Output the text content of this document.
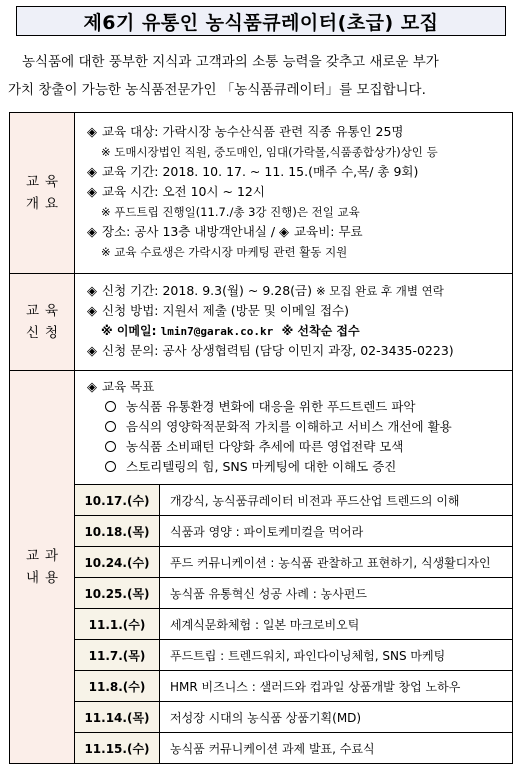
제6기 유통인 농식품큐레이터(초급) 모집
농식품에 대한 풍부한 지식과 고객과의 소통 능력을 갖추고 새로운 부가
가치 창출이 가능한 농식품전문가인 「농식품큐레이터」를 모집합니다.
교육
개요

◈ 교육 대상: 가락시장 농수산식품 관련 직종 유통인 25명
※ 도매시장법인 직원, 중도매인, 임대(가락몰,식품종합상가)상인 등
◈ 교육 기간: 2018. 10. 17. ~ 11. 15.(매주 수,목/ 총 9회)
◈ 교육 시간: 오전 10시 ~ 12시
※ 푸드트립 진행일(11.7./총 3강 진행)은 전일 교육
◈ 장소: 공사 13층 내방객안내실 / ◈ 교육비: 무료
※ 교육 수료생은 가락시장 마케팅 관련 활동 지원

교육
신청

◈ 신청 기간: 2018. 9.3(월) ~ 9.28(금) ※ 모집 완료 후 개별 연락
◈ 신청 방법: 지원서 제출 (방문 및 이메일 접수)
※ 이메일: lmin7@garak.co.kr ※ 선착순 접수
◈ 신청 문의: 공사 상생협력팀 (담당 이민지 과장, 02-3435-0223)

교과
내용

◈ 교육 목표
농식품 유통환경 변화에 대응을 위한 푸드트렌드 파악
음식의 영양학적문화적 가치를 이해하고 서비스 개선에 활용
농식품 소비패턴 다양화 추세에 따른 영업전략 모색
스토리텔링의 힘, SNS 마케팅에 대한 이해도 증진
10.17.(수)	개강식, 농식품큐레이터 비전과 푸드산업 트렌드의 이해
10.18.(목)	식품과 영양 : 파이토케미컬을 먹어라
10.24.(수)	푸드 커뮤니케이션 : 농식품 관찰하고 표현하기, 식생활디자인
10.25.(목)	농식품 유통혁신 성공 사례 : 농사펀드
11.1.(수)	세계식문화체험 : 일본 마크로비오틱
11.7.(목)	푸드트립 : 트렌드워치, 파인다이닝체험, SNS 마케팅
11.8.(수)	HMR 비즈니스 : 샐러드와 컵과일 상품개발 창업 노하우
11.14.(목)	저성장 시대의 농식품 상품기획(MD)
11.15.(수)	농식품 커뮤니케이션 과제 발표, 수료식
